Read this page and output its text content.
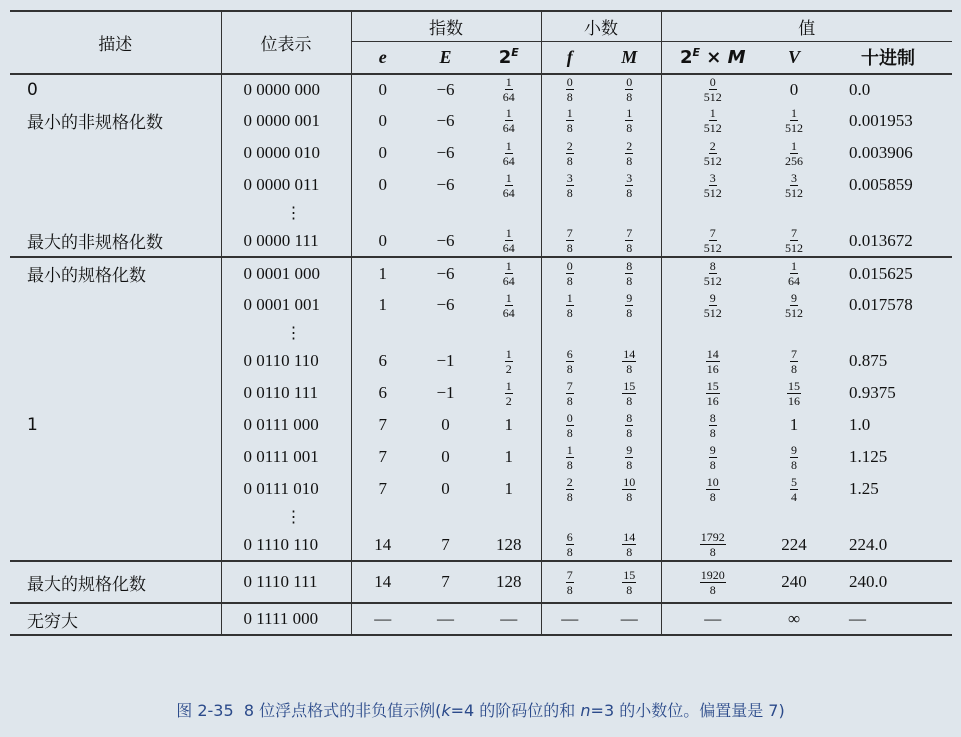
描述	位表示	指数			小数		值		
		e	E	$2^E$	f	M	$2^E \times M$	V	十进制
0	0 0000 000	0	−6	$\frac{1}{64}$	$\frac{0}{8}$	$\frac{0}{8}$	$\frac{0}{512}$	0	0.0
最小的非规格化数	0 0000 001	0	−6	$\frac{1}{64}$	$\frac{1}{8}$	$\frac{1}{8}$	$\frac{1}{512}$	$\frac{1}{512}$	0.001953
	0 0000 010	0	−6	$\frac{1}{64}$	$\frac{2}{8}$	$\frac{2}{8}$	$\frac{2}{512}$	$\frac{1}{256}$	0.003906
	0 0000 011	0	−6	$\frac{1}{64}$	$\frac{3}{8}$	$\frac{3}{8}$	$\frac{3}{512}$	$\frac{3}{512}$	0.005859

	⋮								

最大的非规格化数	0 0000 111	0	−6	$\frac{1}{64}$	$\frac{7}{8}$	$\frac{7}{8}$	$\frac{7}{512}$	$\frac{7}{512}$	0.013672
最小的规格化数	0 0001 000	1	−6	$\frac{1}{64}$	$\frac{0}{8}$	$\frac{8}{8}$	$\frac{8}{512}$	$\frac{1}{64}$	0.015625
	0 0001 001	1	−6	$\frac{1}{64}$	$\frac{1}{8}$	$\frac{9}{8}$	$\frac{9}{512}$	$\frac{9}{512}$	0.017578

	⋮								

	0 0110 110	6	−1	$\frac{1}{2}$	$\frac{6}{8}$	$\frac{14}{8}$	$\frac{14}{16}$	$\frac{7}{8}$	0.875
	0 0110 111	6	−1	$\frac{1}{2}$	$\frac{7}{8}$	$\frac{15}{8}$	$\frac{15}{16}$	$\frac{15}{16}$	0.9375
1	0 0111 000	7	0	1	$\frac{0}{8}$	$\frac{8}{8}$	$\frac{8}{8}$	1	1.0
	0 0111 001	7	0	1	$\frac{1}{8}$	$\frac{9}{8}$	$\frac{9}{8}$	$\frac{9}{8}$	1.125
	0 0111 010	7	0	1	$\frac{2}{8}$	$\frac{10}{8}$	$\frac{10}{8}$	$\frac{5}{4}$	1.25

	⋮								

	0 1110 110	14	7	128	$\frac{6}{8}$	$\frac{14}{8}$	$\frac{1792}{8}$	224	224.0
最大的规格化数	0 1110 111	14	7	128	$\frac{7}{8}$	$\frac{15}{8}$	$\frac{1920}{8}$	240	240.0
无穷大	0 1111 000	—	—	—	—	—	—	∞	—
图 2-35 8 位浮点格式的非负值示例(k=4 的阶码位的和 n=3 的小数位。偏置量是 7)
